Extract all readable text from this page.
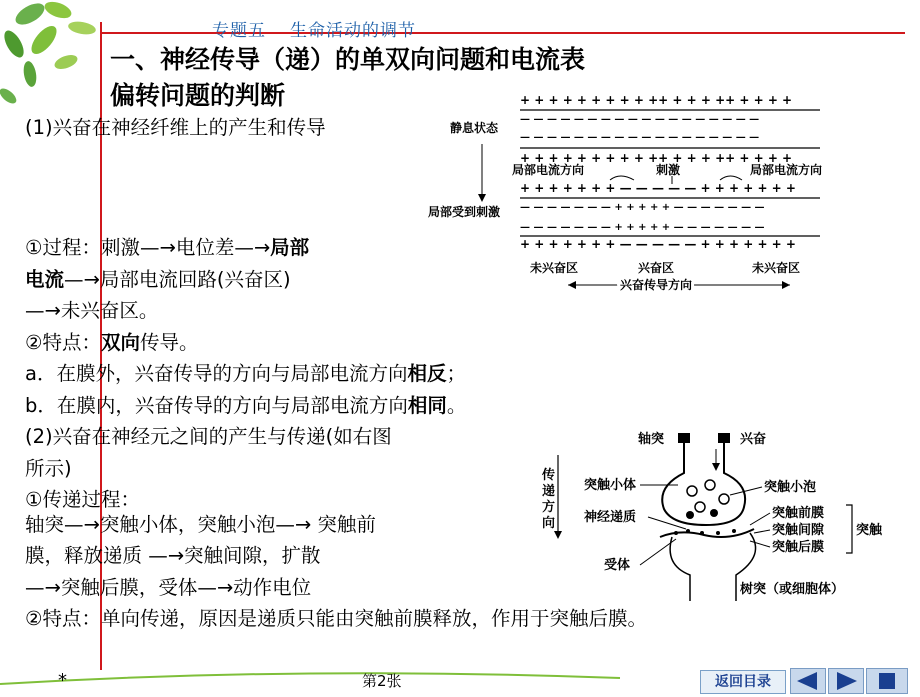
专题五 生命活动的调节
一、神经传导（递）的单双向问题和电流表
偏转问题的判断
(1)兴奋在神经纤维上的产生和传导
①过程：刺激—→电位差—→局部
电流—→局部电流回路(兴奋区)
—→未兴奋区。
②特点：双向传导。
a．在膜外，兴奋传导的方向与局部电流方向相反；
b．在膜内，兴奋传导的方向与局部电流方向相同。
(2)兴奋在神经元之间的产生与传递(如右图
所示)
①传递过程：
轴突—→突触小体，突触小泡—→ 突触前
膜，释放递质 —→突触间隙，扩散
—→突触后膜，受体—→动作电位
②特点：单向传递，原因是递质只能由突触前膜释放，作用于突触后膜。
+ + + + + + + + + ++ + + + ++ + + + +
— — — — — — — — — — — — — — — — — —
— — — — — — — — — — — — — — — — — —
+ + + + + + + + + ++ + + + ++ + + + +
静息状态
局部电流方向	刺激	局部电流方向
+ + + + + + + — — — — — + + + + + + +
— — — — — — — + + + + + — — — — — — —
局部受到刺激
— — — — — — — + + + + + — — — — — — —
+ + + + + + + — — — — — + + + + + + +
未兴奋区	兴奋区	未兴奋区
兴奋传导方向
轴突	兴奋
传
递
方
向
突触小体	突触小泡
神经递质	突触前膜
突触间隙
突触后膜
突触
受体
树突（或细胞体）
*	第2张	返回目录
